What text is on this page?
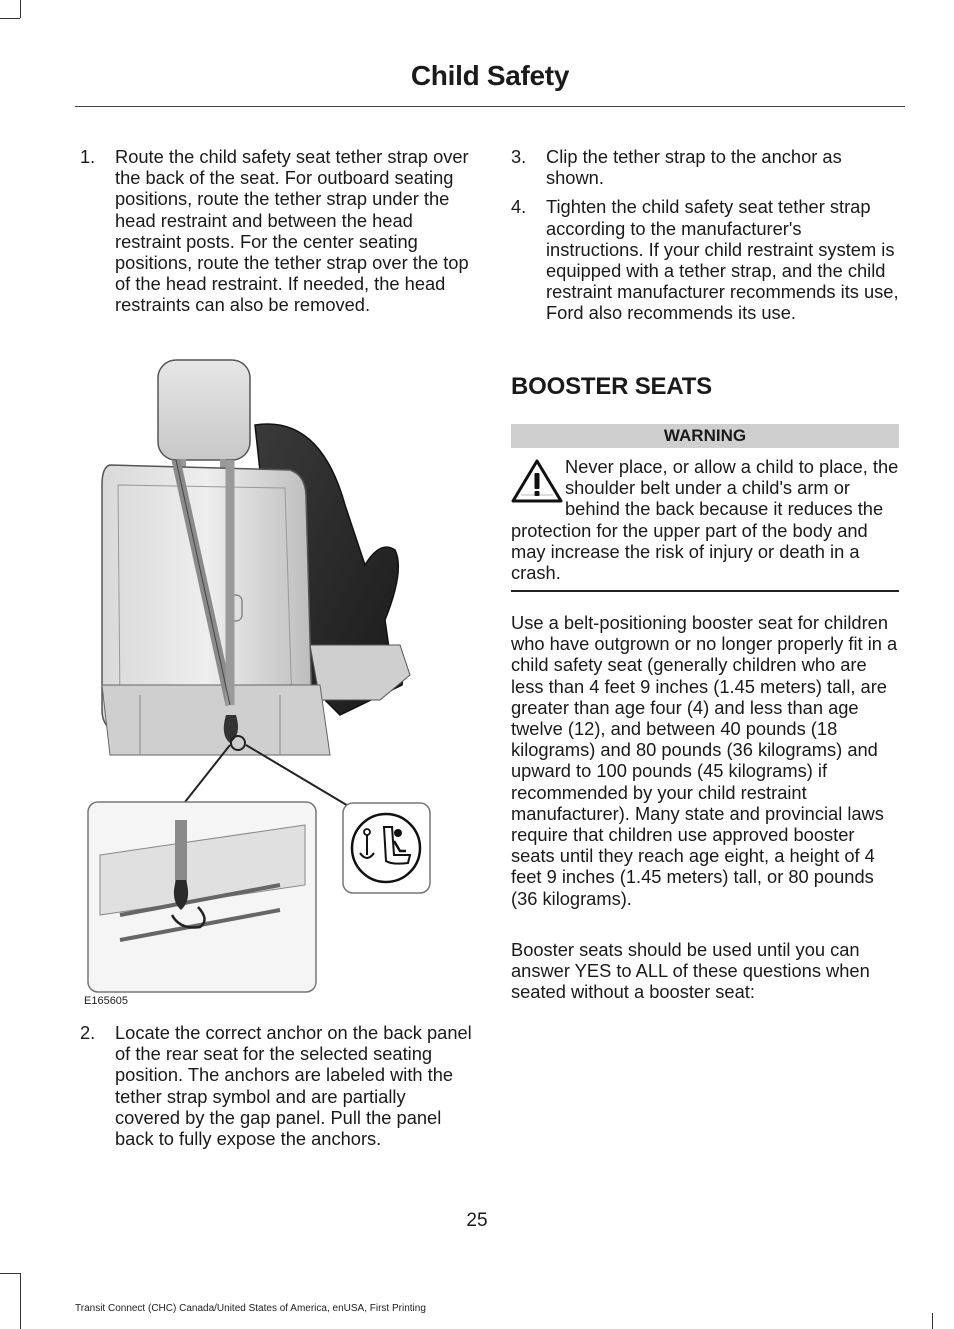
Child Safety
1. Route the child safety seat tether strap over the back of the seat. For outboard seating positions, route the tether strap under the head restraint and between the head restraint posts. For the center seating positions, route the tether strap over the top of the head restraint. If needed, the head restraints can also be removed.
E165605
2. Locate the correct anchor on the back panel of the rear seat for the selected seating position. The anchors are labeled with the tether strap symbol and are partially covered by the gap panel. Pull the panel back to fully expose the anchors.
3. Clip the tether strap to the anchor as shown.
4. Tighten the child safety seat tether strap according to the manufacturer's instructions. If your child restraint system is equipped with a tether strap, and the child restraint manufacturer recommends its use, Ford also recommends its use.
BOOSTER SEATS
WARNING
Never place, or allow a child to place, the shoulder belt under a child's arm or behind the back because it reduces the protection for the upper part of the body and may increase the risk of injury or death in a crash.
Use a belt-positioning booster seat for children who have outgrown or no longer properly fit in a child safety seat (generally children who are less than 4 feet 9 inches (1.45 meters) tall, are greater than age four (4) and less than age twelve (12), and between 40 pounds (18 kilograms) and 80 pounds (36 kilograms) and upward to 100 pounds (45 kilograms) if recommended by your child restraint manufacturer). Many state and provincial laws require that children use approved booster seats until they reach age eight, a height of 4 feet 9 inches (1.45 meters) tall, or 80 pounds (36 kilograms).
Booster seats should be used until you can answer YES to ALL of these questions when seated without a booster seat:
25
Transit Connect (CHC) Canada/United States of America, enUSA, First Printing
